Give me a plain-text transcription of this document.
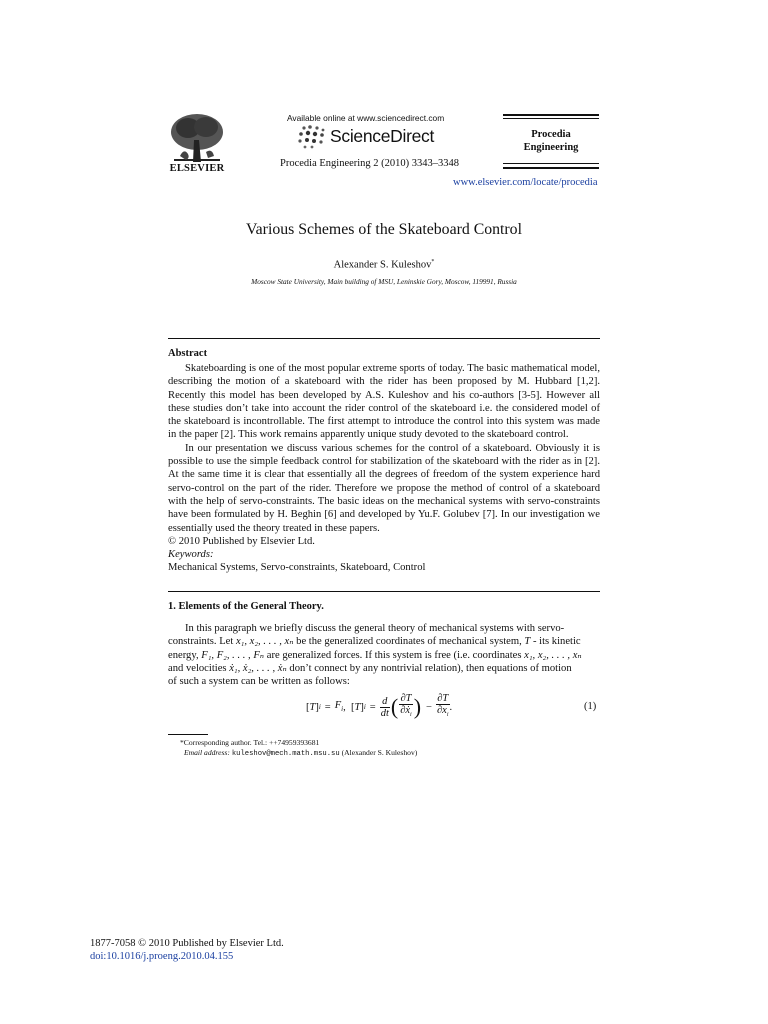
ELSEVIER
Available online at www.sciencedirect.com
ScienceDirect
Procedia Engineering 2 (2010) 3343–3348
Procedia
Engineering
www.elsevier.com/locate/procedia
Various Schemes of the Skateboard Control
Alexander S. Kuleshov*
Moscow State University, Main building of MSU, Leninskie Gory, Moscow, 119991, Russia
Abstract

Skateboarding is one of the most popular extreme sports of today. The basic mathematical model, describing the motion of a skateboard with the rider has been proposed by M. Hubbard [1,2]. Recently this model has been developed by A.S. Kuleshov and his co-authors [3-5]. However all these studies don’t take into account the rider control of the skateboard i.e. the considered model of the skateboard is incontrollable. The first attempt to introduce the control into this system was made in the paper [2]. This work remains apparently unique study devoted to the skateboard control.

In our presentation we discuss various schemes for the control of a skateboard. Obviously it is possible to use the simple feedback control for stabilization of the skateboard with the rider as in [2]. At the same time it is clear that essentially all the degrees of freedom of the system experience hard servo-control on the part of the rider. Therefore we propose the method of control of a skateboard with the help of servo-constraints. The basic ideas on the mechanical systems with servo-constraints have been formulated by H. Beghin [6] and developed by Yu.F. Golubev [7]. In our investigation we essentially used the theory treated in these papers.

© 2010 Published by Elsevier Ltd.
Keywords:
Mechanical Systems, Servo-constraints, Skateboard, Control
1. Elements of the General Theory.
In this paragraph we briefly discuss the general theory of mechanical systems with servo-
constraints. Let x₁, x₂, . . . , xₙ be the generalized coordinates of mechanical system, T - its kinetic
energy, F₁, F₂, . . . , Fₙ are generalized forces. If this system is free (i.e. coordinates x₁, x₂, . . . , xₙ
and velocities ẋ₁, ẋ₂, . . . , ẋₙ don’t connect by any nontrivial relation), then equations of motion
of such a system can be written as follows:
[ T ] $i = F_i$ ,  [ T ] $i = \frac{d}{dt}$ ( ∂T
∂ẋ$_i$ ) − $\frac{\partial T}{\partial x_i}$ .	(1)
*Corresponding author. Tel.: ++74959393681
Email address: kuleshov@mech.math.msu.su (Alexander S. Kuleshov)
1877-7058 © 2010 Published by Elsevier Ltd.
doi:10.1016/j.proeng.2010.04.155
